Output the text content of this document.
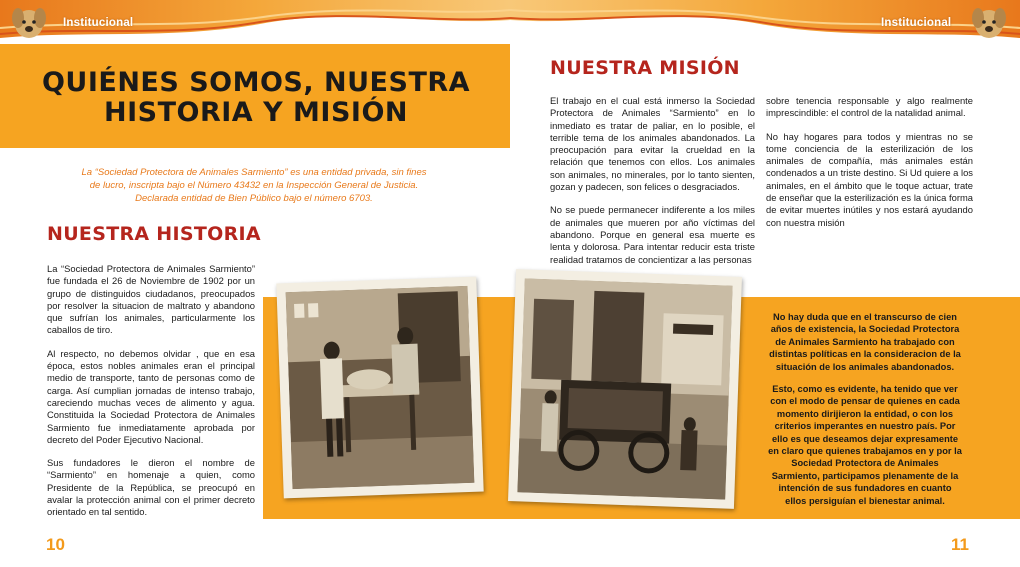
Institucional	Institucional
QUIÉNES SOMOS, NUESTRA
HISTORIA Y MISIÓN
La “Sociedad Protectora de Animales Sarmiento” es una entidad privada, sin fines de lucro, inscripta bajo el Número 43432 en la Inspección General de Justicia. Declarada entidad de Bien Público bajo el número 6703.
NUESTRA HISTORIA

La “Sociedad Protectora de Animales Sarmiento” fue fundada el 26 de Noviembre de 1902 por un grupo de distinguidos ciudadanos, preocupados por resolver la situacion de maltrato y abandono que sufrían los animales, particularmente los caballos de tiro.

Al respecto, no debemos olvidar , que en esa época, estos nobles animales eran el principal medio de transporte, tanto de personas como de carga. Así cumplian jornadas de intenso trabajo, careciendo muchas veces de alimento y agua. Constituida la Sociedad Protectora de Animales Sarmiento fue inmediatamente aprobada por decreto del Poder Ejecutivo Nacional.

Sus fundadores le dieron el nombre de “Sarmiento” en homenaje a quien, como Presidente de la República, se preocupó en avalar la protección animal con el primer decreto orientado en tal sentido.

10
NUESTRA MISIÓN

El trabajo en el cual está inmerso la Sociedad Protectora de Animales “Sarmiento” en lo inmediato es tratar de paliar, en lo posible, el terrible tema de los animales abandonados. La preocupación para evitar la crueldad en la relación que tenemos con ellos. Los animales son animales, no minerales, por lo tanto sienten, gozan y padecen, son felices o desgraciados.

No se puede permanecer indiferente a los miles de animales que mueren por año víctimas del abandono. Porque en general esa muerte es lenta y dolorosa. Para intentar reducir esta triste realidad tratamos de concientizar a las personas

sobre tenencia responsable y algo realmente imprescindible: el control de la natalidad animal.

No hay hogares para todos y mientras no se tome conciencia de la esterilización de los animales de compañía, más animales están condenados a un triste destino. Si Ud quiere a los animales, en el ámbito que le toque actuar, trate de enseñar que la esterilización es la única forma de evitar muertes inútiles y nos estará ayudando con nuestra misión

No hay duda que en el transcurso de cien años de existencia, la Sociedad Protectora de Animales Sarmiento ha trabajado con distintas políticas en la consideracion de la situación de los animales abandonados.

Esto, como es evidente, ha tenido que ver con el modo de pensar de quienes en cada momento dirijieron la entidad, o con los criterios imperantes en nuestro país. Por ello es que deseamos dejar expresamente en claro que quienes trabajamos en y por la Sociedad Protectora de Animales Sarmiento, participamos plenamente de la intención de sus fundadores en cuanto ellos persiguían el bienestar animal.

11
